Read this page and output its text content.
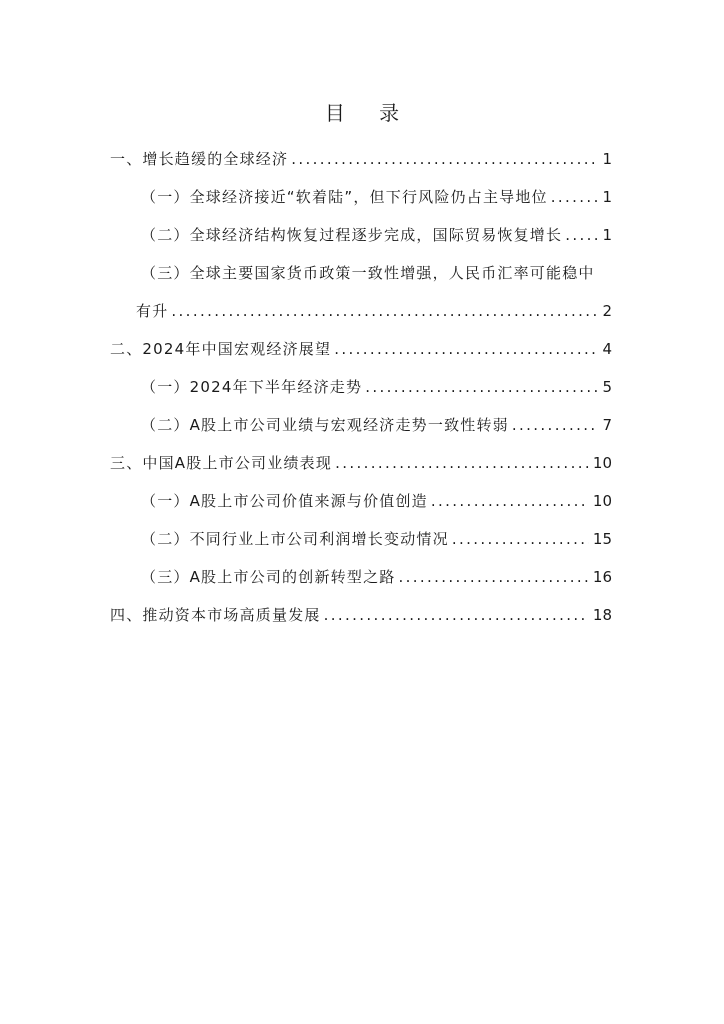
目 录
一、增长趋缓的全球经济 . . .	1
（一）全球经济接近“软着陆”，但下行风险仍占主导地位 . . .	1
（二）全球经济结构恢复过程逐步完成，国际贸易恢复增长 . . .	1
（三）全球主要国家货币政策一致性增强，人民币汇率可能稳中
有升 . . .	2
二、2024年中国宏观经济展望 . . .	4
（一）2024年下半年经济走势 . . .	5
（二）A股上市公司业绩与宏观经济走势一致性转弱 . . .	7
三、中国A股上市公司业绩表现 . . .	10
（一）A股上市公司价值来源与价值创造 . . .	10
（二）不同行业上市公司利润增长变动情况 . . .	15
（三）A股上市公司的创新转型之路 . . .	16
四、推动资本市场高质量发展 . . .	18
